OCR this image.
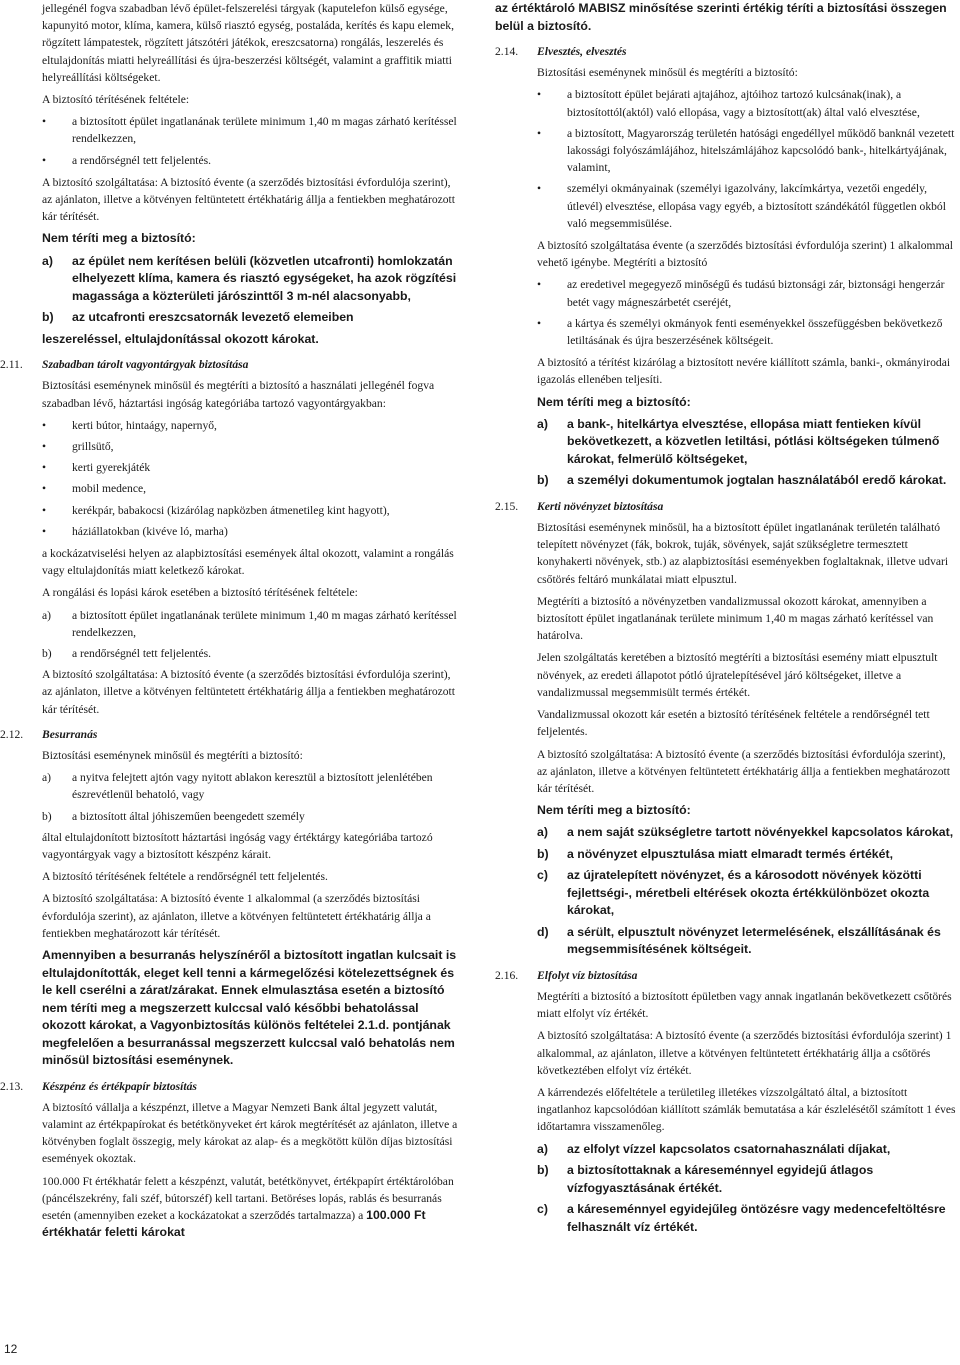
jellegénél fogva szabadban lévő épület-felszerelési tárgyak (kaputelefon külső egysége, kapunyitó motor, klíma, kamera, külső riasztó egység, postaláda, kerítés és kapu elemek, rögzített lámpatestek, rögzített játszótéri játékok, ereszcsatorna) rongálás, leszerelés és eltulajdonítás miatti helyreállítási és újra-beszerzési költségét, valamint a graffitik miatti helyreállítási költségeket.

A biztosító térítésének feltétele:

• a biztosított épület ingatlanának területe minimum 1,40 m magas zárható kerítéssel rendelkezzen,
• a rendőrségnél tett feljelentés.

A biztosító szolgáltatása: A biztosító évente (a szerződés biztosítási évfordulója szerint), az ajánlaton, illetve a kötvényen feltüntetett értékhatárig állja a fentiekben meghatározott kár térítését.

Nem téríti meg a biztosító:

a) az épület nem kerítésen belüli (közvetlen utcafronti) homlokzatán elhelyezett klíma, kamera és riasztó egységeket, ha azok rögzítési magassága a közterületi járószinttől 3 m-nél alacsonyabb,
b) az utcafronti ereszcsatornák levezető elemeiben

leszereléssel, eltulajdonítással okozott károkat.

2.11. Szabadban tárolt vagyontárgyak biztosítása

Biztosítási eseménynek minősül és megtéríti a biztosító a használati jellegénél fogva szabadban lévő, háztartási ingóság kategóriába tartozó vagyontárgyakban:

• kerti bútor, hintaágy, napernyő,
• grillsütő,
• kerti gyerekjáték
• mobil medence,
• kerékpár, babakocsi (kizárólag napközben átmenetileg kint hagyott),
• háziállatokban (kivéve ló, marha)

a kockázatviselési helyen az alapbiztosítási események által okozott, valamint a rongálás vagy eltulajdonítás miatt keletkező károkat.

A rongálási és lopási károk esetében a biztosító térítésének feltétele:

a) a biztosított épület ingatlanának területe minimum 1,40 m magas zárható kerítéssel rendelkezzen,
b) a rendőrségnél tett feljelentés.

A biztosító szolgáltatása: A biztosító évente (a szerződés biztosítási évfordulója szerint), az ajánlaton, illetve a kötvényen feltüntetett értékhatárig állja a fentiekben meghatározott kár térítését.

2.12. Besurranás

Biztosítási eseménynek minősül és megtéríti a biztosító:

a) a nyitva felejtett ajtón vagy nyitott ablakon keresztül a biztosított jelenlétében észrevétlenül behatoló, vagy
b) a biztosított által jóhiszeműen beengedett személy

által eltulajdonított biztosított háztartási ingóság vagy értéktárgy kategóriába tartozó vagyontárgyak vagy a biztosított készpénz kárait.

A biztosító térítésének feltétele a rendőrségnél tett feljelentés.

A biztosító szolgáltatása: A biztosító évente 1 alkalommal (a szerződés biztosítási évfordulója szerint), az ajánlaton, illetve a kötvényen feltüntetett értékhatárig állja a fentiekben meghatározott kár térítését.

Amennyiben a besurranás helyszínéről a biztosított ingatlan kulcsait is eltulajdonították, eleget kell tenni a kármegelőzési kötelezettségnek és le kell cserélni a zárat/zárakat. Ennek elmulasztása esetén a biztosító nem téríti meg a megszerzett kulccsal való későbbi behatolással okozott károkat, a Vagyonbiztosítás különös feltételei 2.1.d. pontjának megfelelően a besurranással megszerzett kulccsal való behatolás nem minősül biztosítási eseménynek.

2.13. Készpénz és értékpapír biztosítás

A biztosító vállalja a készpénzt, illetve a Magyar Nemzeti Bank által jegyzett valutát, valamint az értékpapírokat és betétkönyveket ért károk megtérítését az ajánlaton, illetve a kötvényben foglalt összegig, mely károkat az alap- és a megkötött külön díjas biztosítási események okoztak.

100.000 Ft értékhatár felett a készpénzt, valutát, betétkönyvet, értékpapírt értéktárolóban (páncélszekrény, fali széf, bútorszéf) kell tartani. Betöréses lopás, rablás és besurranás esetén (amennyiben ezeket a kockázatokat a szerződés tartalmazza) a 100.000 Ft értékhatár feletti károkat

az értéktároló MABISZ minősítése szerinti értékig téríti a biztosítási összegen belül a biztosító.

2.14. Elvesztés, elvesztés

Biztosítási eseménynek minősül és megtéríti a biztosító:

• a biztosított épület bejárati ajtajához, ajtóihoz tartozó kulcsának(inak), a biztosítottól(aktól) való ellopása, vagy a biztosított(ak) által való elvesztése,
• a biztosított, Magyarország területén hatósági engedéllyel működő banknál vezetett lakossági folyószámlájához, hitelszámlájához kapcsolódó bank-, hitelkártyájának, valamint,
• személyi okmányainak (személyi igazolvány, lakcímkártya, vezetői engedély, útlevél) elvesztése, ellopása vagy egyéb, a biztosított szándékától független okból való megsemmisülése.

A biztosító szolgáltatása évente (a szerződés biztosítási évfordulója szerint) 1 alkalommal vehető igénybe. Megtéríti a biztosító

• az eredetivel megegyező minőségű és tudású biztonsági zár, biztonsági hengerzár betét vagy mágneszárbetét cseréjét,
• a kártya és személyi okmányok fenti eseményekkel összefüggésben bekövetkező letiltásának és újra beszerzésének költségeit.

A biztosító a térítést kizárólag a biztosított nevére kiállított számla, banki-, okmányirodai igazolás ellenében teljesíti.

Nem téríti meg a biztosító:

a) a bank-, hitelkártya elvesztése, ellopása miatt fentieken kívül bekövetkezett, a közvetlen letiltási, pótlási költségeken túlmenő károkat, felmerülő költségeket,
b) a személyi dokumentumok jogtalan használatából eredő károkat.
2.15. Kerti növényzet biztosítása

Biztosítási eseménynek minősül, ha a biztosított épület ingatlanának területén található telepített növényzet (fák, bokrok, tuják, sövények, saját szükségletre termesztett konyhakerti növények, stb.) az alapbiztosítási eseményekben foglaltaknak, illetve udvari csőtörés feltáró munkálatai miatt elpusztul.

Megtéríti a biztosító a növényzetben vandalizmussal okozott károkat, amennyiben a biztosított épület ingatlanának területe minimum 1,40 m magas zárható kerítéssel van határolva.

Jelen szolgáltatás keretében a biztosító megtéríti a biztosítási esemény miatt elpusztult növények, az eredeti állapotot pótló újratelepítésével járó költségeket, illetve a vandalizmussal megsemmisült termés értékét.

Vandalizmussal okozott kár esetén a biztosító térítésének feltétele a rendőrségnél tett feljelentés.

A biztosító szolgáltatása: A biztosító évente (a szerződés biztosítási évfordulója szerint), az ajánlaton, illetve a kötvényen feltüntetett értékhatárig állja a fentiekben meghatározott kár térítését.

Nem téríti meg a biztosító:

a) a nem saját szükségletre tartott növényekkel kapcsolatos károkat,
b) a növényzet elpusztulása miatt elmaradt termés értékét,
c) az újratelepített növényzet, és a károsodott növények közötti fejlettségi-, méretbeli eltérések okozta értékkülönbözet okozta károkat,
d) a sérült, elpusztult növényzet letermelésének, elszállításának és megsemmisítésének költségeit.
2.16. Elfolyt víz biztosítása

Megtéríti a biztosító a biztosított épületben vagy annak ingatlanán bekövetkezett csőtörés miatt elfolyt víz értékét.

A biztosító szolgáltatása: A biztosító évente (a szerződés biztosítási évfordulója szerint) 1 alkalommal, az ajánlaton, illetve a kötvényen feltüntetett értékhatárig állja a csőtörés következtében elfolyt víz értékét.

A kárrendezés előfeltétele a területileg illetékes vízszolgáltató által, a biztosított ingatlanhoz kapcsolódóan kiállított számlák bemutatása a kár észlelésétől számított 1 éves időtartamra visszamenőleg.

a) az elfolyt vízzel kapcsolatos csatornahasználati díjakat,
b) a biztosítottaknak a káreseménnyel egyidejű átlagos vízfogyasztásának értékét.
c) a káreseménnyel egyidejűleg öntözésre vagy medencefeltöltésre felhasznált víz értékét.
12
